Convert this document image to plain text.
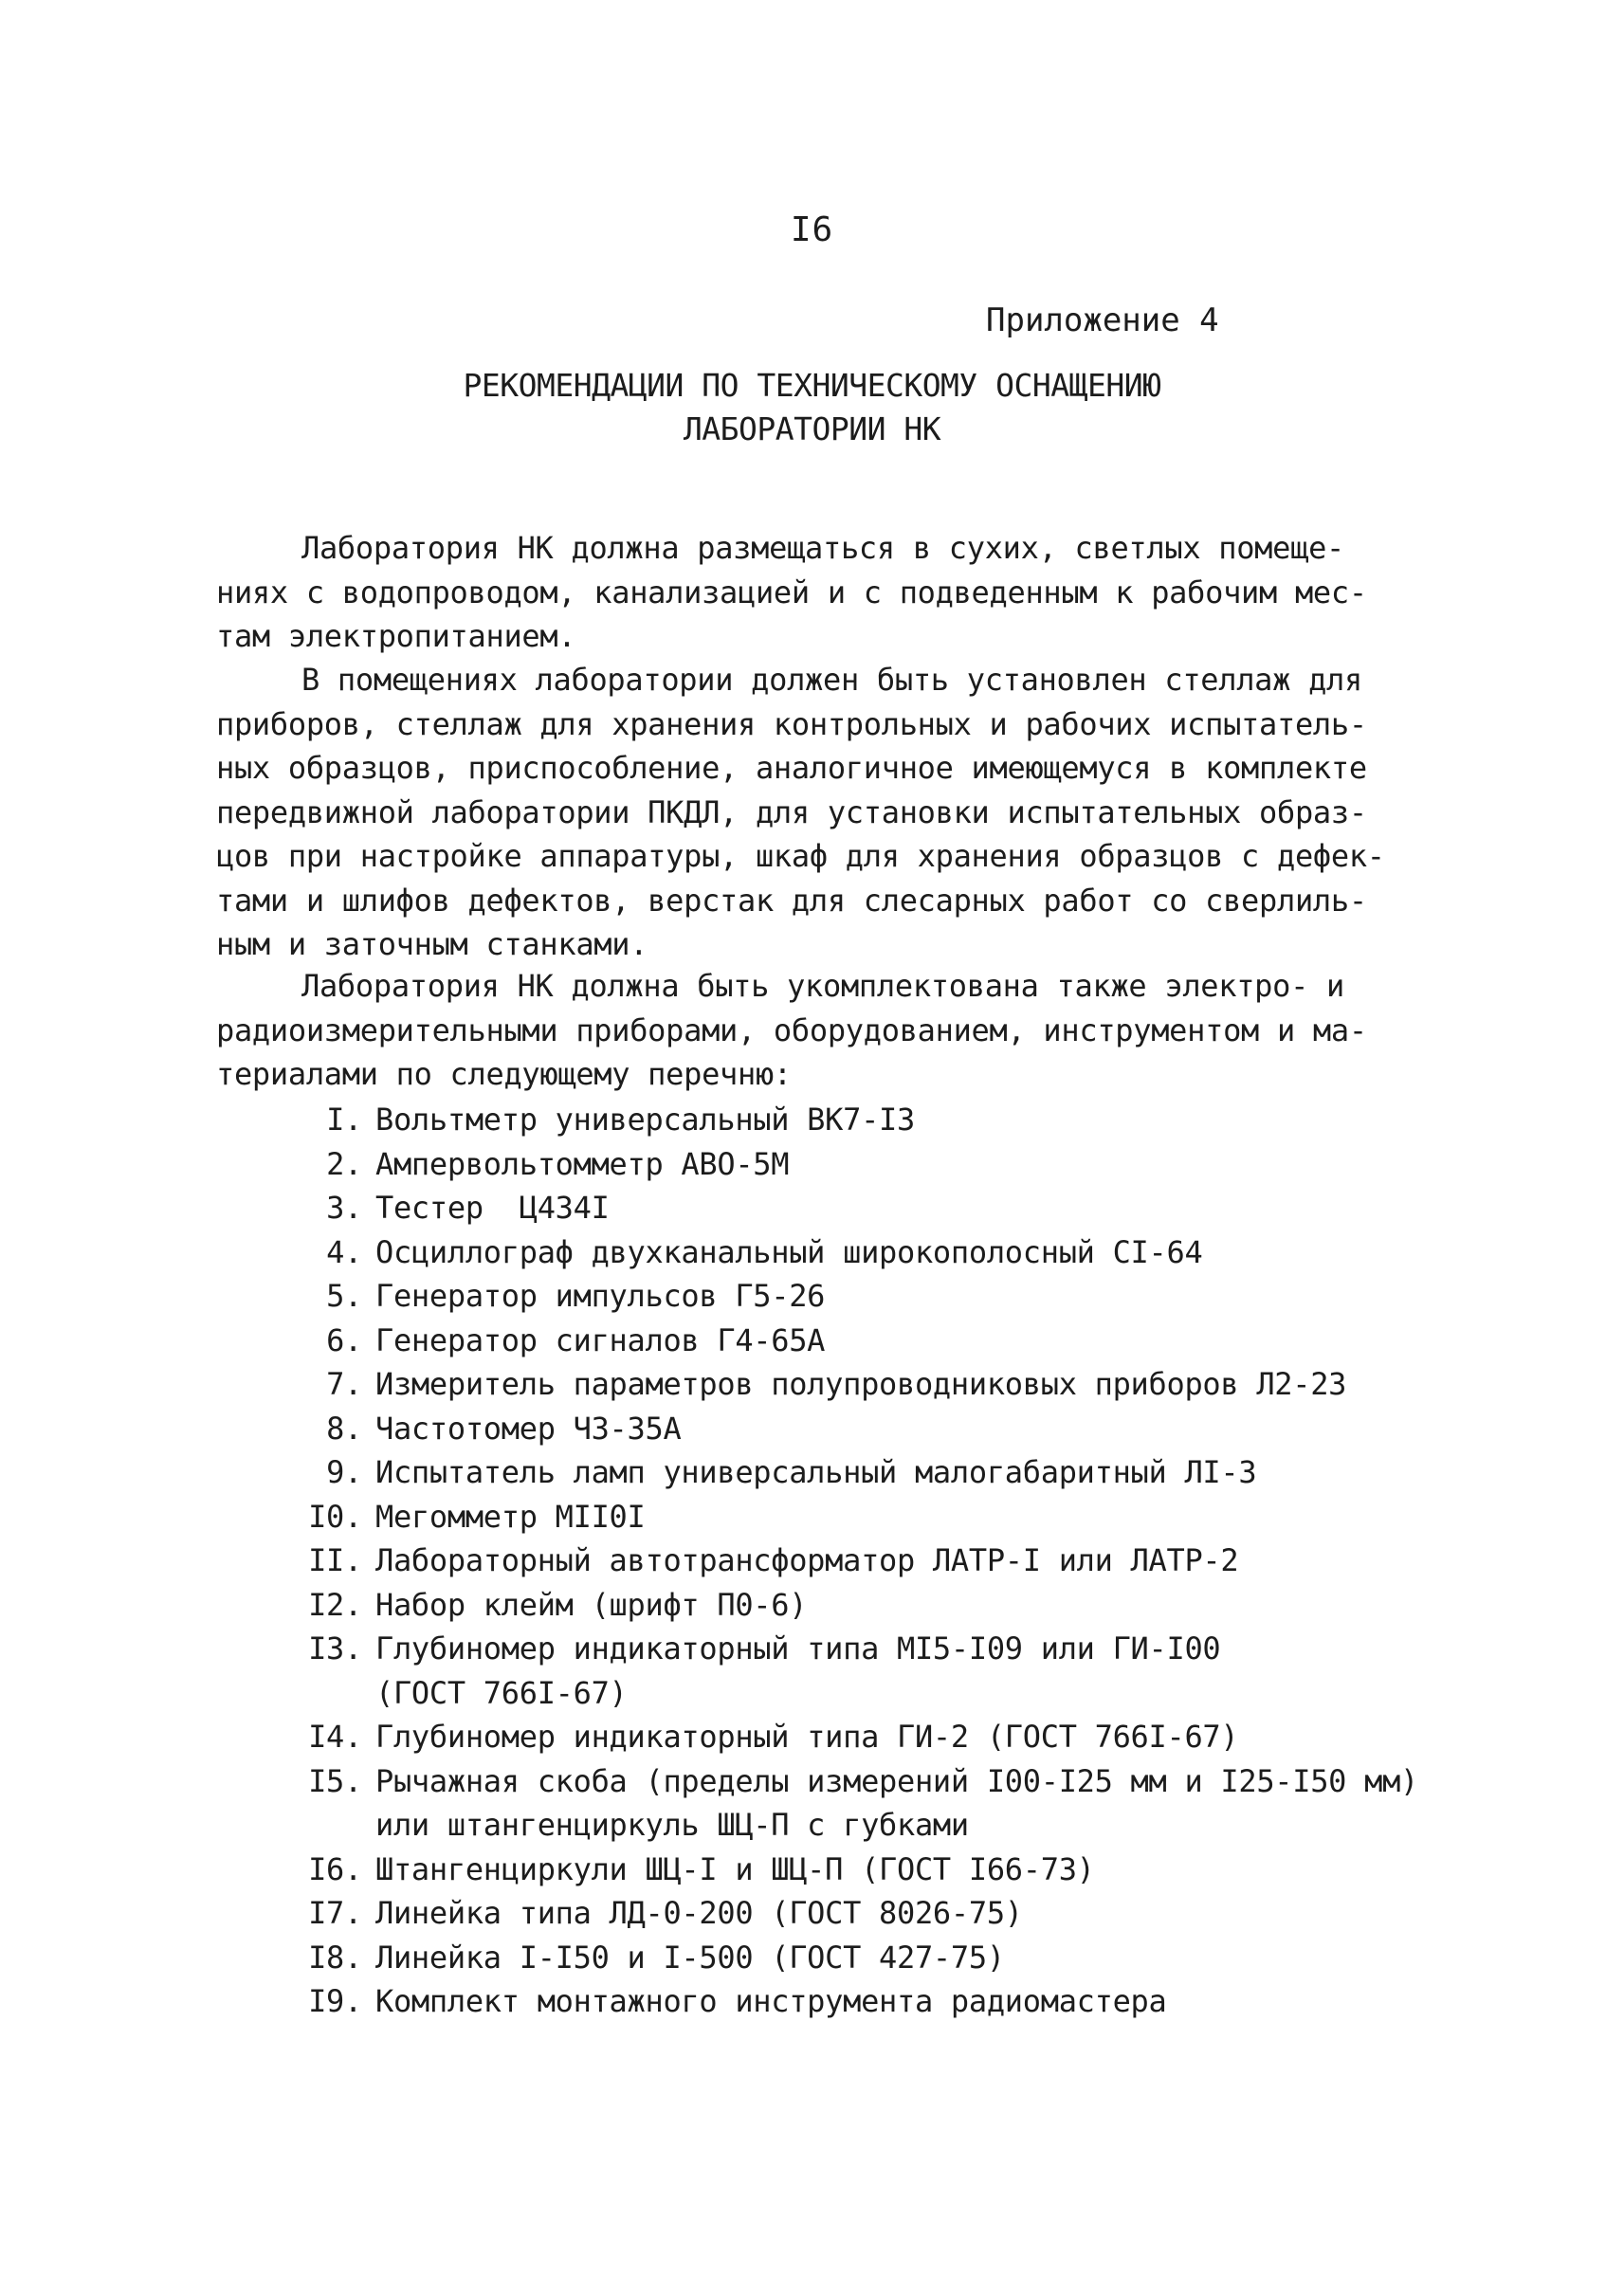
I6
Приложение 4
РЕКОМЕНДАЦИИ ПО ТЕХНИЧЕСКОМУ ОСНАЩЕНИЮ
ЛАБОРАТОРИИ НК
Лаборатория НК должна размещаться в сухих, светлых помеще-
ниях с водопроводом, канализацией и с подведенным к рабочим мес-
там электропитанием.
В помещениях лаборатории должен быть установлен стеллаж для
приборов, стеллаж для хранения контрольных и рабочих испытатель-
ных образцов, приспособление, аналогичное имеющемуся в комплекте
передвижной лаборатории ПКДЛ, для установки испытательных образ-
цов при настройке аппаратуры, шкаф для хранения образцов с дефек-
тами и шлифов дефектов, верстак для слесарных работ со сверлиль-
ным и заточным станками.
Лаборатория НК должна быть укомплектована также электро- и
радиоизмерительными приборами, оборудованием, инструментом и ма-
териалами по следующему перечню:
I. Вольтметр универсальный ВК7-I3
2. Ампервольтомметр АВО-5М
3. Тестер  Ц434I
4. Осциллограф двухканальный широкополосный СI-64
5. Генератор импульсов Г5-26
6. Генератор сигналов Г4-65А
7. Измеритель параметров полупроводниковых приборов Л2-23
8. Частотомер Ч3-35А
9. Испытатель ламп универсальный малогабаритный ЛI-3
I0. Мегомметр МII0I
II. Лабораторный автотрансформатор ЛАТР-I или ЛАТР-2
I2. Набор клейм (шрифт П0-6)
I3. Глубиномер индикаторный типа МI5-I09 или ГИ-I00
(ГОСТ 766I-67)
I4. Глубиномер индикаторный типа ГИ-2 (ГОСТ 766I-67)
I5. Рычажная скоба (пределы измерений I00-I25 мм и I25-I50 мм)
или штангенциркуль ШЦ-П с губками
I6. Штангенциркули ШЦ-I и ШЦ-П (ГОСТ I66-73)
I7. Линейка типа ЛД-0-200 (ГОСТ 8026-75)
I8. Линейка I-I50 и I-500 (ГОСТ 427-75)
I9. Комплект монтажного инструмента радиомастера
